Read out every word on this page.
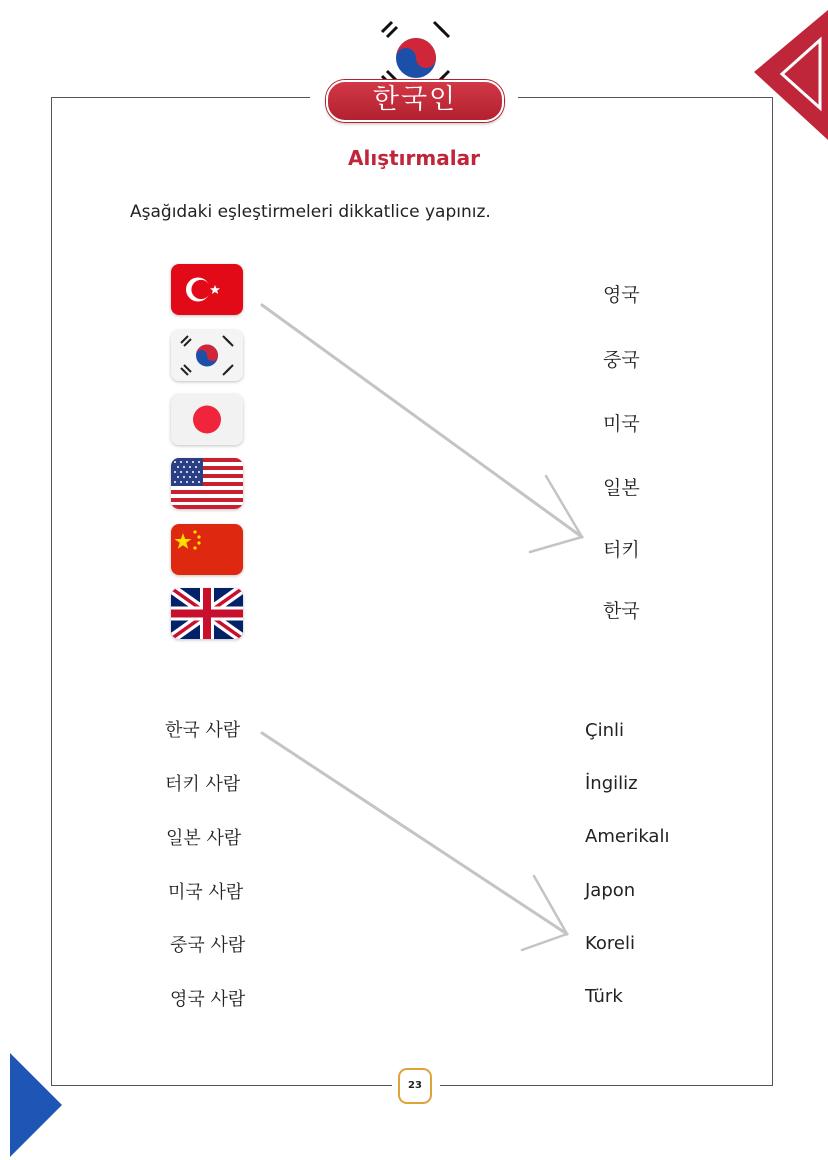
한국인
Alıştırmalar
Aşağıdaki eşleştirmeleri dikkatlice yapınız.
영국
중국
미국
일본
터키
한국
한국 사람
터키 사람
일본 사람
미국 사람
중국 사람
영국 사람
Çinli
İngiliz
Amerikalı
Japon
Koreli
Türk
23
